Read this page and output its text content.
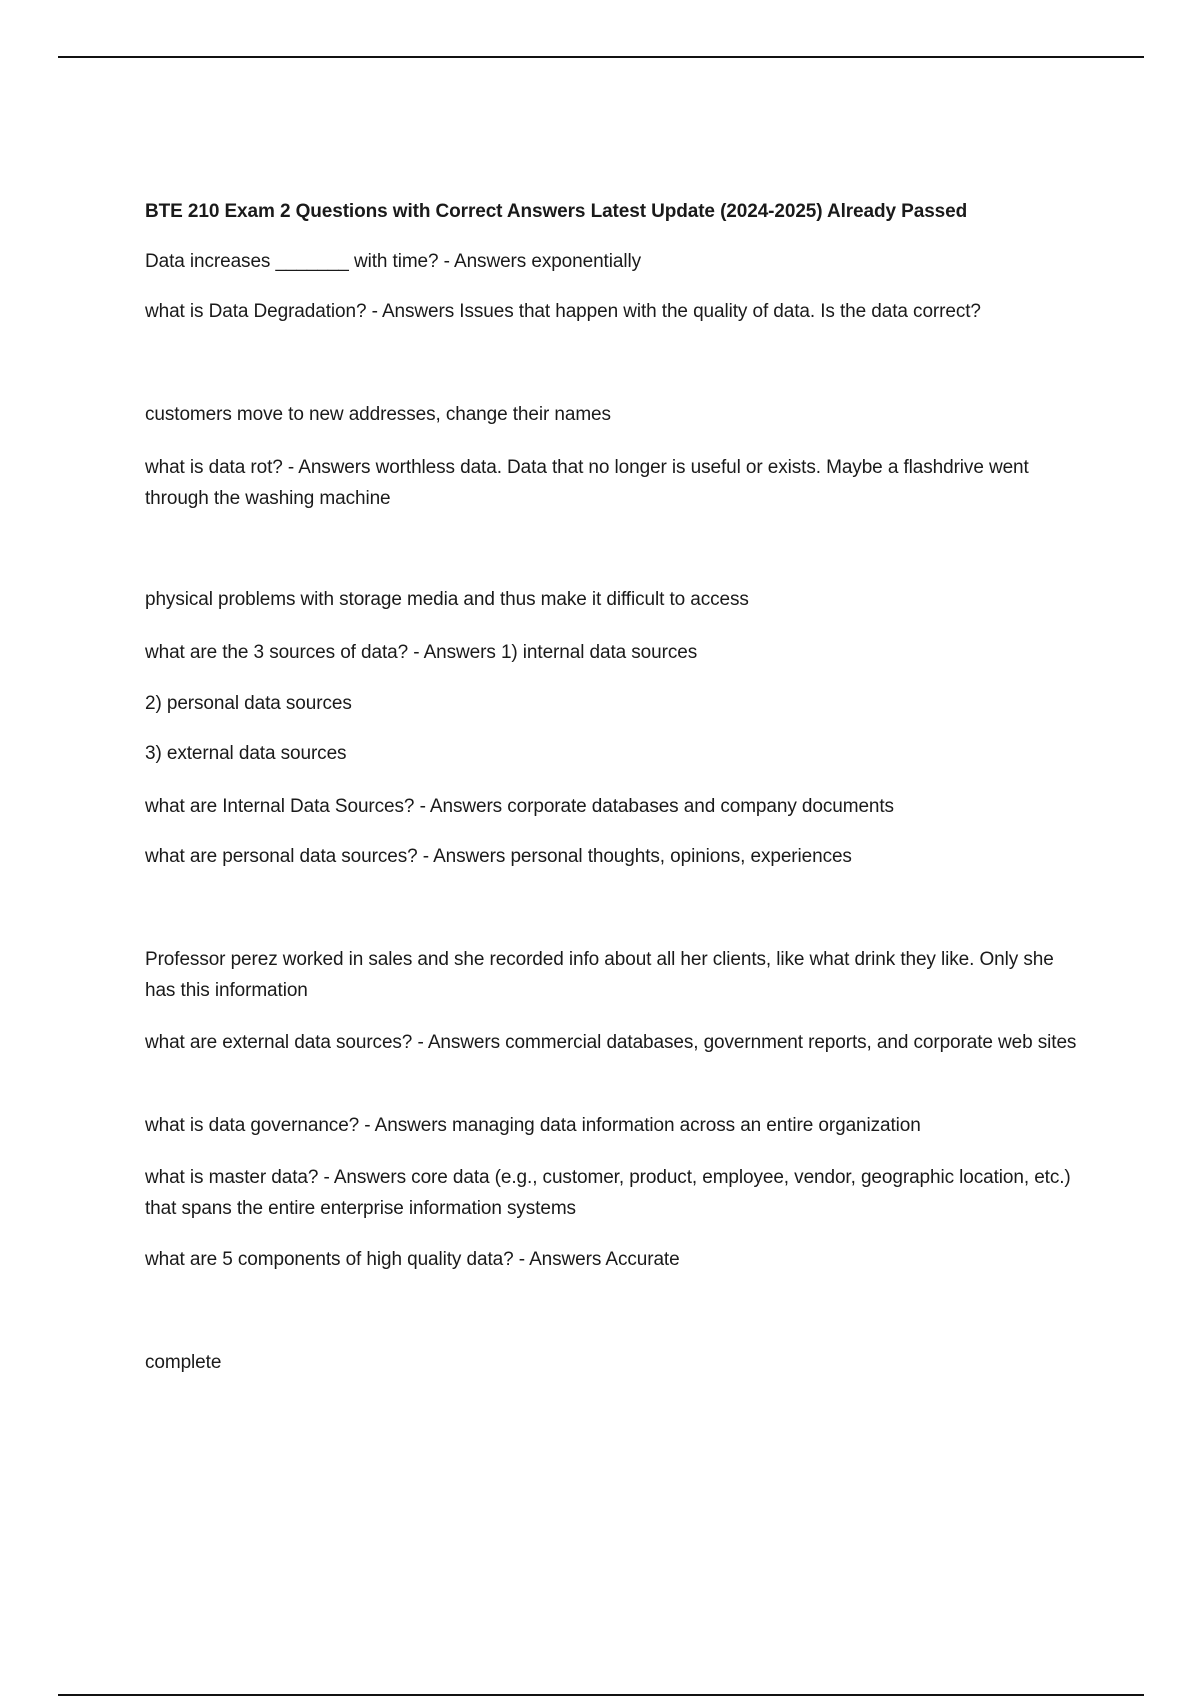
BTE 210 Exam 2 Questions with Correct Answers Latest Update (2024-2025) Already Passed

Data increases _______ with time? - Answers exponentially

what is Data Degradation? - Answers Issues that happen with the quality of data. Is the data correct?

customers move to new addresses, change their names

what is data rot? - Answers worthless data. Data that no longer is useful or exists. Maybe a flashdrive went through the washing machine

physical problems with storage media and thus make it difficult to access

what are the 3 sources of data? - Answers 1) internal data sources

2) personal data sources

3) external data sources

what are Internal Data Sources? - Answers corporate databases and company documents

what are personal data sources? - Answers personal thoughts, opinions, experiences

Professor perez worked in sales and she recorded info about all her clients, like what drink they like. Only she has this information

what are external data sources? - Answers commercial databases, government reports, and corporate web sites

what is data governance? - Answers managing data information across an entire organization

what is master data? - Answers core data (e.g., customer, product, employee, vendor, geographic location, etc.) that spans the entire enterprise information systems

what are 5 components of high quality data? - Answers Accurate

complete
